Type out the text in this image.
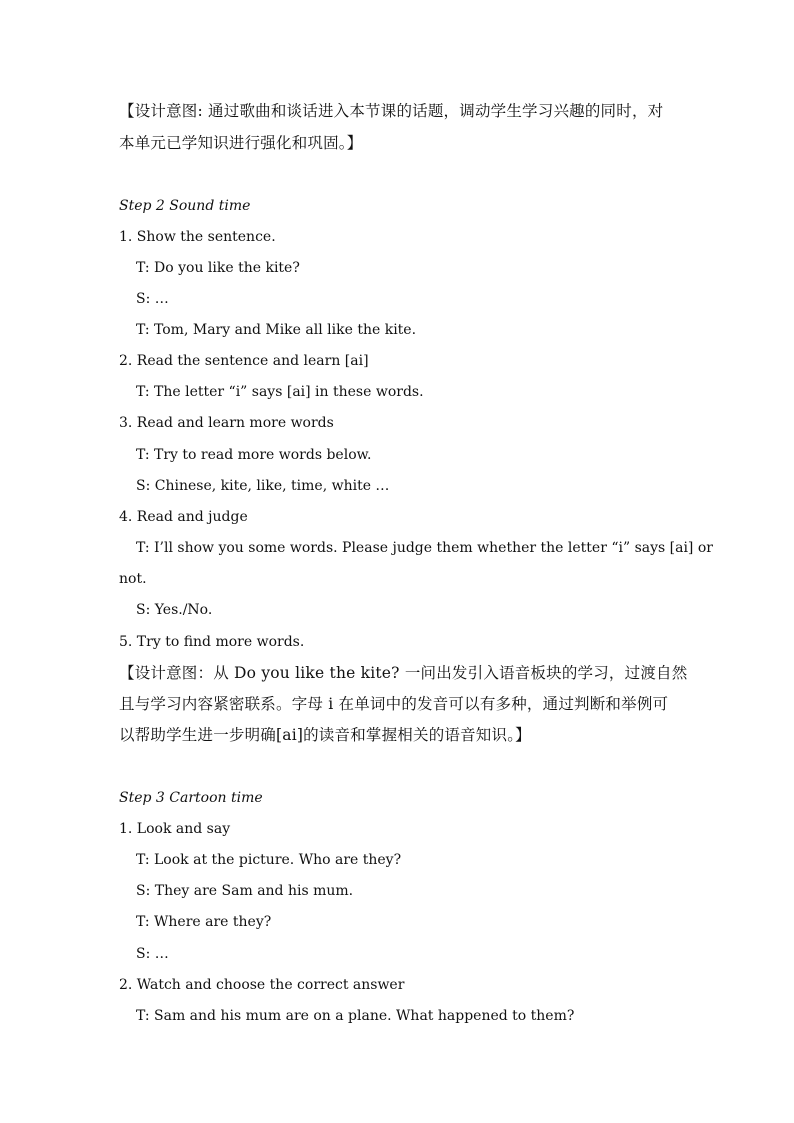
【设计意图: 通过歌曲和谈话进入本节课的话题，调动学生学习兴趣的同时，对
本单元已学知识进行强化和巩固。】
Step 2 Sound time
1. Show the sentence.
T: Do you like the kite?
S: …
T: Tom, Mary and Mike all like the kite.
2. Read the sentence and learn [ai]
T: The letter “i” says [ai] in these words.
3. Read and learn more words
T: Try to read more words below.
S: Chinese, kite, like, time, white …
4. Read and judge
T: I’ll show you some words. Please judge them whether the letter “i” says [ai] or
not.
S: Yes./No.
5. Try to find more words.
【设计意图：从 Do you like the kite? 一问出发引入语音板块的学习，过渡自然
且与学习内容紧密联系。字母 i 在单词中的发音可以有多种，通过判断和举例可
以帮助学生进一步明确[ai]的读音和掌握相关的语音知识。】
Step 3 Cartoon time
1. Look and say
T: Look at the picture. Who are they?
S: They are Sam and his mum.
T: Where are they?
S: …
2. Watch and choose the correct answer
T: Sam and his mum are on a plane. What happened to them?
